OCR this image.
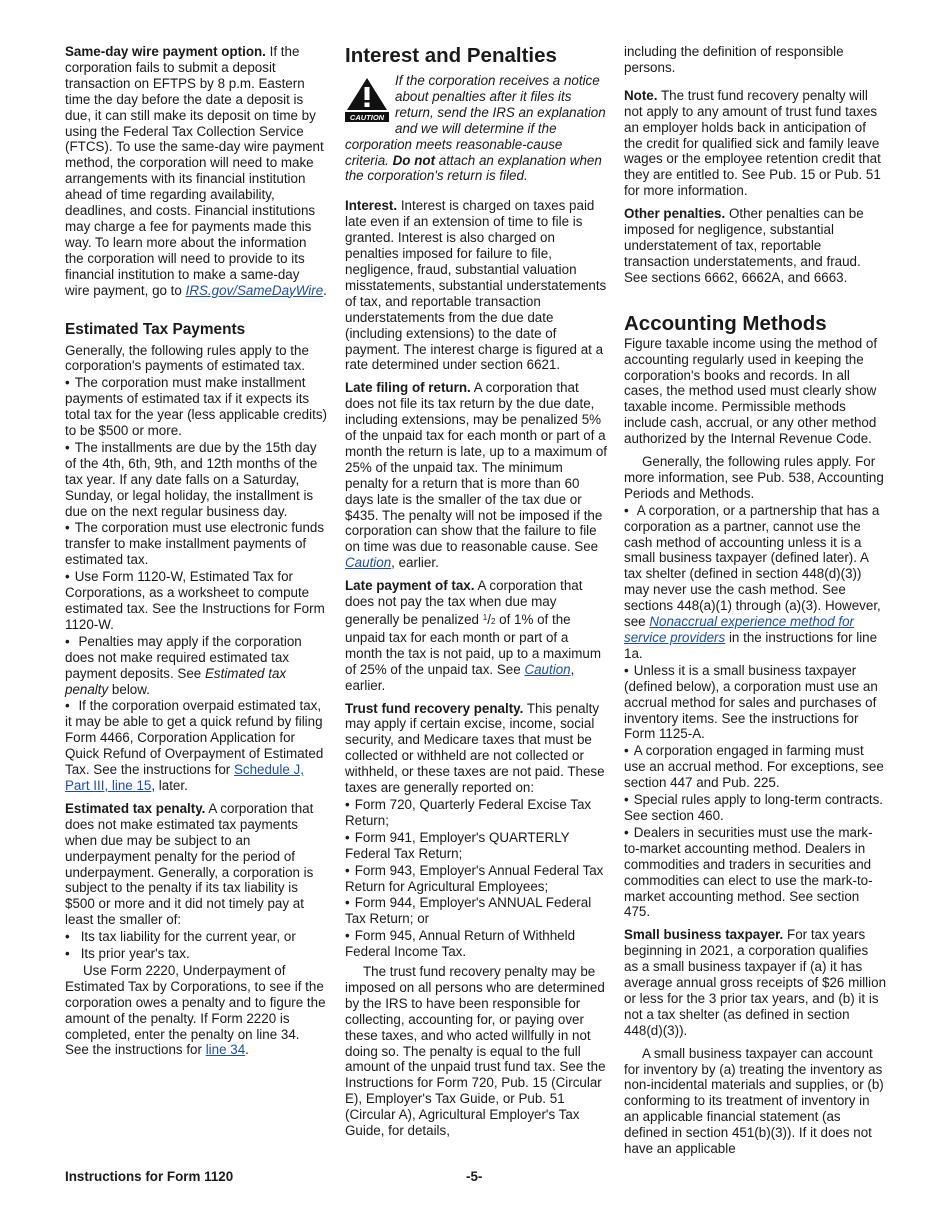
Same-day wire payment option. If the corporation fails to submit a deposit transaction on EFTPS by 8 p.m. Eastern time the day before the date a deposit is due, it can still make its deposit on time by using the Federal Tax Collection Service (FTCS). To use the same-day wire payment method, the corporation will need to make arrangements with its financial institution ahead of time regarding availability, deadlines, and costs. Financial institutions may charge a fee for payments made this way. To learn more about the information the corporation will need to provide to its financial institution to make a same-day wire payment, go to IRS.gov/SameDayWire.

Estimated Tax Payments

Generally, the following rules apply to the corporation's payments of estimated tax.

• The corporation must make installment payments of estimated tax if it expects its total tax for the year (less applicable credits) to be $500 or more.
• The installments are due by the 15th day of the 4th, 6th, 9th, and 12th months of the tax year. If any date falls on a Saturday, Sunday, or legal holiday, the installment is due on the next regular business day.
• The corporation must use electronic funds transfer to make installment payments of estimated tax.
• Use Form 1120-W, Estimated Tax for Corporations, as a worksheet to compute estimated tax. See the Instructions for Form 1120-W.
• Penalties may apply if the corporation does not make required estimated tax payment deposits. See Estimated tax penalty below.
• If the corporation overpaid estimated tax, it may be able to get a quick refund by filing Form 4466, Corporation Application for Quick Refund of Overpayment of Estimated Tax. See the instructions for Schedule J, Part III, line 15, later.

Estimated tax penalty. A corporation that does not make estimated tax payments when due may be subject to an underpayment penalty for the period of underpayment. Generally, a corporation is subject to the penalty if its tax liability is $500 or more and it did not timely pay at least the smaller of:

• Its tax liability for the current year, or
• Its prior year's tax.

Use Form 2220, Underpayment of Estimated Tax by Corporations, to see if the corporation owes a penalty and to figure the amount of the penalty. If Form 2220 is completed, enter the penalty on line 34. See the instructions for line 34.

Interest and Penalties
CAUTION
If the corporation receives a notice about penalties after it files its return, send the IRS an explanation and we will determine if the corporation meets reasonable-cause criteria. Do not attach an explanation when the corporation's return is filed.

Interest. Interest is charged on taxes paid late even if an extension of time to file is granted. Interest is also charged on penalties imposed for failure to file, negligence, fraud, substantial valuation misstatements, substantial understatements of tax, and reportable transaction understatements from the due date (including extensions) to the date of payment. The interest charge is figured at a rate determined under section 6621.

Late filing of return. A corporation that does not file its tax return by the due date, including extensions, may be penalized 5% of the unpaid tax for each month or part of a month the return is late, up to a maximum of 25% of the unpaid tax. The minimum penalty for a return that is more than 60 days late is the smaller of the tax due or $435. The penalty will not be imposed if the corporation can show that the failure to file on time was due to reasonable cause. See Caution, earlier.

Late payment of tax. A corporation that does not pay the tax when due may generally be penalized $^1$/2 of 1% of the unpaid tax for each month or part of a month the tax is not paid, up to a maximum of 25% of the unpaid tax. See Caution, earlier.

Trust fund recovery penalty. This penalty may apply if certain excise, income, social security, and Medicare taxes that must be collected or withheld are not collected or withheld, or these taxes are not paid. These taxes are generally reported on:

• Form 720, Quarterly Federal Excise Tax Return;
• Form 941, Employer's QUARTERLY Federal Tax Return;
• Form 943, Employer's Annual Federal Tax Return for Agricultural Employees;
• Form 944, Employer's ANNUAL Federal Tax Return; or
• Form 945, Annual Return of Withheld Federal Income Tax.

The trust fund recovery penalty may be imposed on all persons who are determined by the IRS to have been responsible for collecting, accounting for, or paying over these taxes, and who acted willfully in not doing so. The penalty is equal to the full amount of the unpaid trust fund tax. See the Instructions for Form 720, Pub. 15 (Circular E), Employer's Tax Guide, or Pub. 51 (Circular A), Agricultural Employer's Tax Guide, for details,

including the definition of responsible persons.

Note. The trust fund recovery penalty will not apply to any amount of trust fund taxes an employer holds back in anticipation of the credit for qualified sick and family leave wages or the employee retention credit that they are entitled to. See Pub. 15 or Pub. 51 for more information.

Other penalties. Other penalties can be imposed for negligence, substantial understatement of tax, reportable transaction understatements, and fraud. See sections 6662, 6662A, and 6663.

Accounting Methods

Figure taxable income using the method of accounting regularly used in keeping the corporation's books and records. In all cases, the method used must clearly show taxable income. Permissible methods include cash, accrual, or any other method authorized by the Internal Revenue Code.

Generally, the following rules apply. For more information, see Pub. 538, Accounting Periods and Methods.

• A corporation, or a partnership that has a corporation as a partner, cannot use the cash method of accounting unless it is a small business taxpayer (defined later). A tax shelter (defined in section 448(d)(3)) may never use the cash method. See sections 448(a)(1) through (a)(3). However, see Nonaccrual experience method for service providers in the instructions for line 1a.
• Unless it is a small business taxpayer (defined below), a corporation must use an accrual method for sales and purchases of inventory items. See the instructions for Form 1125-A.
• A corporation engaged in farming must use an accrual method. For exceptions, see section 447 and Pub. 225.
• Special rules apply to long-term contracts. See section 460.
• Dealers in securities must use the mark-to-market accounting method. Dealers in commodities and traders in securities and commodities can elect to use the mark-to-market accounting method. See section 475.

Small business taxpayer. For tax years beginning in 2021, a corporation qualifies as a small business taxpayer if (a) it has average annual gross receipts of $26 million or less for the 3 prior tax years, and (b) it is not a tax shelter (as defined in section 448(d)(3)).

A small business taxpayer can account for inventory by (a) treating the inventory as non-incidental materials and supplies, or (b) conforming to its treatment of inventory in an applicable financial statement (as defined in section 451(b)(3)). If it does not have an applicable

Instructions for Form 1120	-5-
